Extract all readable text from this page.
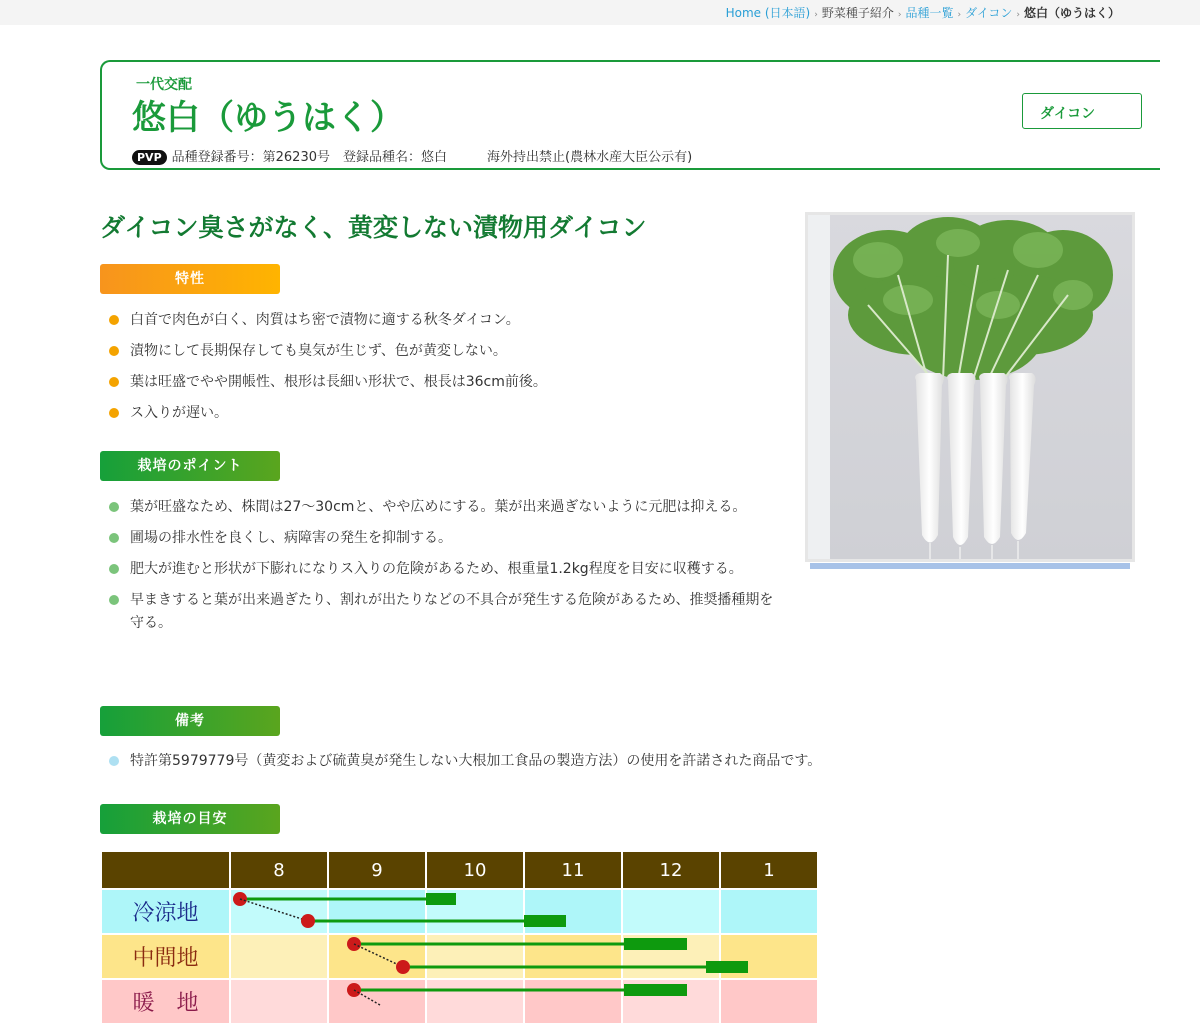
Home (日本語) › 野菜種子紹介 › 品種一覧 › ダイコン › 悠白（ゆうはく）
一代交配
悠白（ゆうはく）	ダイコン
PVP 品種登録番号：第26230号　登録品種名：悠白	海外持出禁止(農林水産大臣公示有)
ダイコン臭さがなく、黄変しない漬物用ダイコン
特性
白首で肉色が白く、肉質はち密で漬物に適する秋冬ダイコン。
漬物にして長期保存しても臭気が生じず、色が黄変しない。
葉は旺盛でやや開帳性、根形は長細い形状で、根長は36cm前後。
ス入りが遅い。
栽培のポイント
葉が旺盛なため、株間は27〜30cmと、やや広めにする。葉が出来過ぎないように元肥は抑える。
圃場の排水性を良くし、病障害の発生を抑制する。
肥大が進むと形状が下膨れになりス入りの危険があるため、根重量1.2kg程度を目安に収穫する。
早まきすると葉が出来過ぎたり、割れが出たりなどの不具合が発生する危険があるため、推奨播種期を守る。
備考
特許第5979779号（黄変および硫黄臭が発生しない大根加工食品の製造方法）の使用を許諾された商品です。
栽培の目安
	8	9	10	11	12	1
冷涼地						
中間地						
暖　地						
